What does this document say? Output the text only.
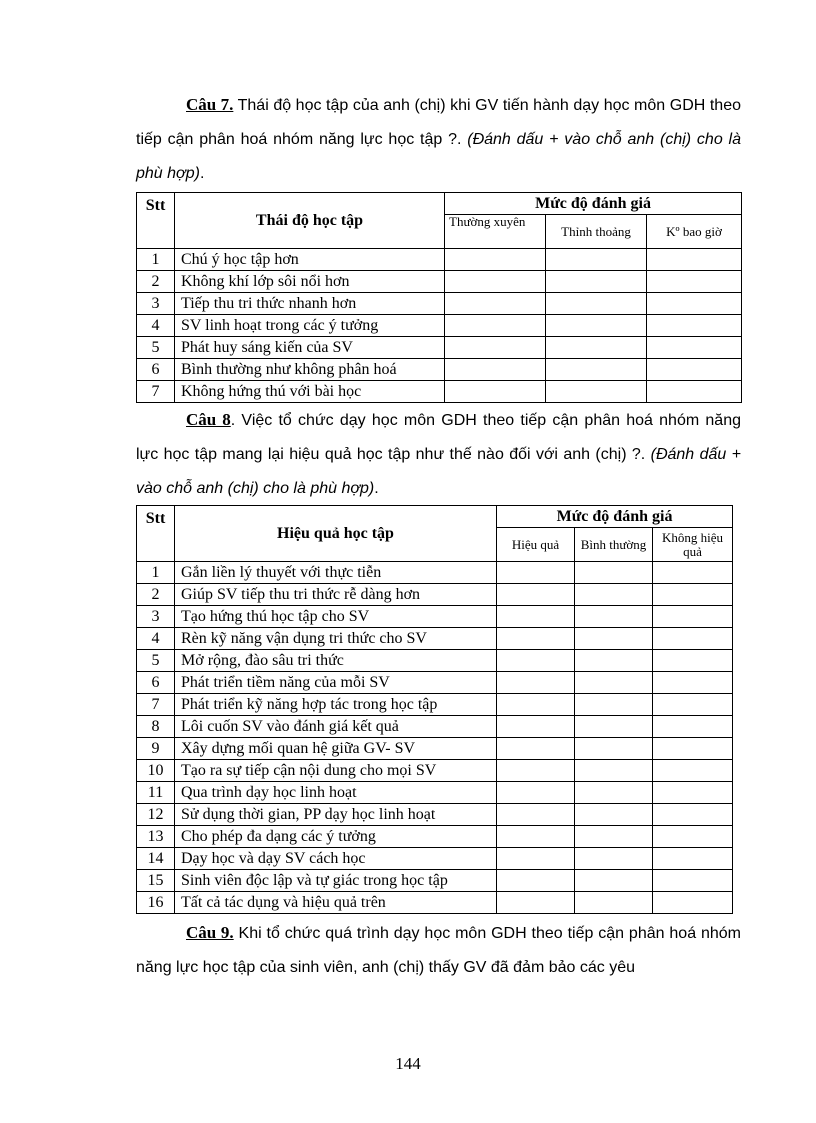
Câu 7. Thái độ học tập của anh (chị) khi GV tiến hành dạy học môn GDH theo tiếp cận phân hoá nhóm năng lực học tập ?. (Đánh dấu + vào chỗ anh (chị) cho là phù hợp).
Stt	Thái độ học tập	Mức độ đánh giá		
		Thường xuyên	Thỉnh thoảng	Kº bao giờ
1	Chú ý học tập hơn			
2	Không khí lớp sôi nổi hơn			
3	Tiếp thu tri thức nhanh hơn			
4	SV linh hoạt trong các ý tưởng			
5	Phát huy sáng kiến của SV			
6	Bình thường như không phân hoá			
7	Không hứng thú với bài học			
Câu 8. Việc tổ chức dạy học môn GDH theo tiếp cận phân hoá nhóm năng lực học tập mang lại hiệu quả học tập như thế nào đối với anh (chị) ?. (Đánh dấu + vào chỗ anh (chị) cho là phù hợp).
Stt	Hiệu quả học tập	Mức độ đánh giá		
		Hiệu quả	Bình thường	Không hiệu quả
1	Gắn liền lý thuyết với thực tiễn			
2	Giúp SV tiếp thu tri thức rễ dàng hơn			
3	Tạo hứng thú học tập cho SV			
4	Rèn kỹ năng vận dụng tri thức cho SV			
5	Mở rộng, đào sâu tri thức			
6	Phát triển tiềm năng của mỗi SV			
7	Phát triển kỹ năng hợp tác trong học tập			
8	Lôi cuốn SV vào đánh giá kết quả			
9	Xây dựng mối quan hệ giữa GV- SV			
10	Tạo ra sự tiếp cận nội dung cho mọi SV			
11	Qua trình dạy học linh hoạt			
12	Sử dụng thời gian, PP dạy học linh hoạt			
13	Cho phép đa dạng các ý tưởng			
14	Dạy học và dạy SV cách học			
15	Sinh viên độc lập và tự giác trong học tập			
16	Tất cả tác dụng và hiệu quả trên			
Câu 9. Khi tổ chức quá trình dạy học môn GDH theo tiếp cận phân hoá nhóm năng lực học tập của sinh viên, anh (chị) thấy GV đã đảm bảo các yêu
144
